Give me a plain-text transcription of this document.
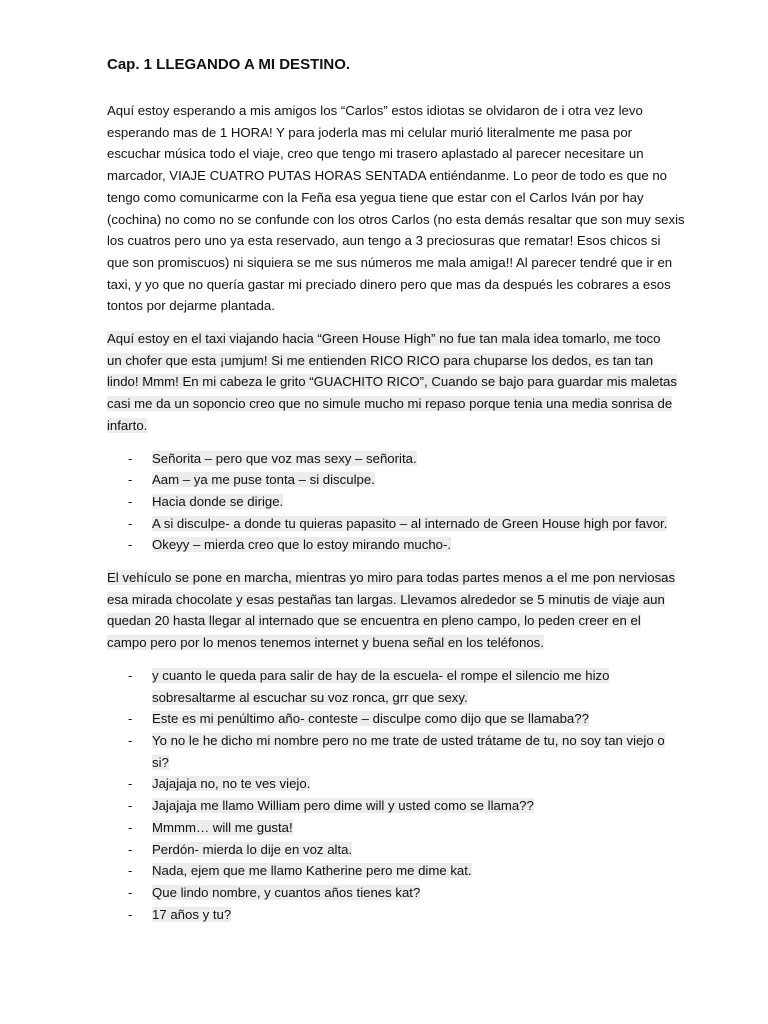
Cap. 1 LLEGANDO A MI DESTINO.
Aquí estoy esperando a mis amigos los “Carlos” estos idiotas se olvidaron de i otra vez levo
esperando mas de 1 HORA! Y para joderla mas mi celular murió literalmente me pasa por
escuchar música todo el viaje, creo que tengo mi trasero aplastado al parecer necesitare un
marcador, VIAJE CUATRO PUTAS HORAS SENTADA entiéndanme. Lo peor de todo es que no
tengo como comunicarme con la Feña esa yegua tiene que estar con el Carlos Iván por hay
(cochina) no como no se confunde con los otros Carlos (no esta demás resaltar que son muy sexis
los cuatros pero uno ya esta reservado, aun tengo a 3 preciosuras que rematar! Esos chicos si
que son promiscuos) ni siquiera se me sus números me mala amiga!! Al parecer tendré que ir en
taxi, y yo que no quería gastar mi preciado dinero pero que mas da después les cobrares a esos
tontos por dejarme plantada.
Aquí estoy en el taxi viajando hacia “Green House High” no fue tan mala idea tomarlo, me toco
un chofer que esta ¡umjum! Si me entienden RICO RICO para chuparse los dedos, es tan tan
lindo! Mmm! En mi cabeza le grito “GUACHITO RICO”, Cuando se bajo para guardar mis maletas
casi me da un soponcio creo que no simule mucho mi repaso porque tenia una media sonrisa de
infarto.
- Señorita – pero que voz mas sexy – señorita.
- Aam – ya me puse tonta – si disculpe.
- Hacia donde se dirige.
- A si disculpe- a donde tu quieras papasito – al internado de Green House high por favor.
- Okeyy – mierda creo que lo estoy mirando mucho-.
El vehículo se pone en marcha, mientras yo miro para todas partes menos a el me pon nerviosas
esa mirada chocolate y esas pestañas tan largas. Llevamos alrededor se 5 minutis de viaje aun
quedan 20 hasta llegar al internado que se encuentra en pleno campo, lo peden creer en el
campo pero por lo menos tenemos internet y buena señal en los teléfonos.
- y cuanto le queda para salir de hay de la escuela- el rompe el silencio me hizo
sobresaltarme al escuchar su voz ronca, grr que sexy.
- Este es mi penúltimo año- conteste – disculpe como dijo que se llamaba??
- Yo no le he dicho mi nombre pero no me trate de usted trátame de tu, no soy tan viejo o
si?
- Jajajaja no, no te ves viejo.
- Jajajaja me llamo William pero dime will y usted como se llama??
- Mmmm… will me gusta!
- Perdón- mierda lo dije en voz alta.
- Nada, ejem que me llamo Katherine pero me dime kat.
- Que lindo nombre, y cuantos años tienes kat?
- 17 años y tu?
